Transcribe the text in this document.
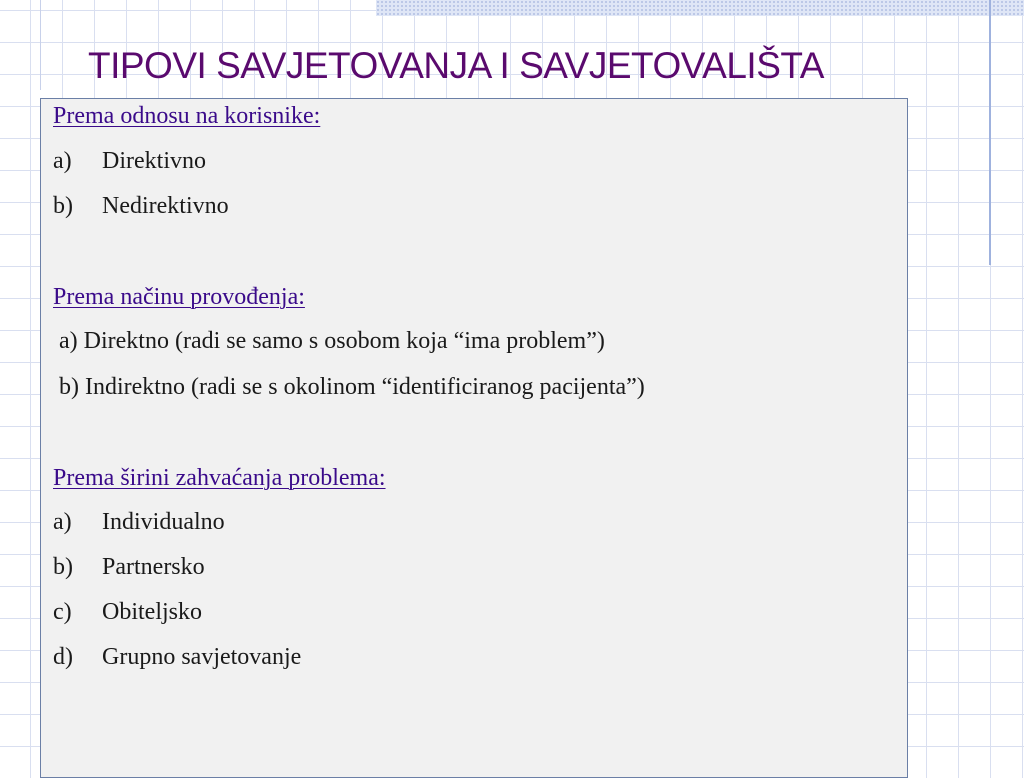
TIPOVI SAVJETOVANJA I SAVJETOVALIŠTA
Prema odnosu na korisnike:
a) Direktivno
b) Nedirektivno
Prema načinu provođenja:
a) Direktno (radi se samo s osobom koja “ima problem”)
b) Indirektno (radi se s okolinom “identificiranog pacijenta”)
Prema širini zahvaćanja problema:
a) Individualno
b) Partnersko
c) Obiteljsko
d) Grupno savjetovanje
